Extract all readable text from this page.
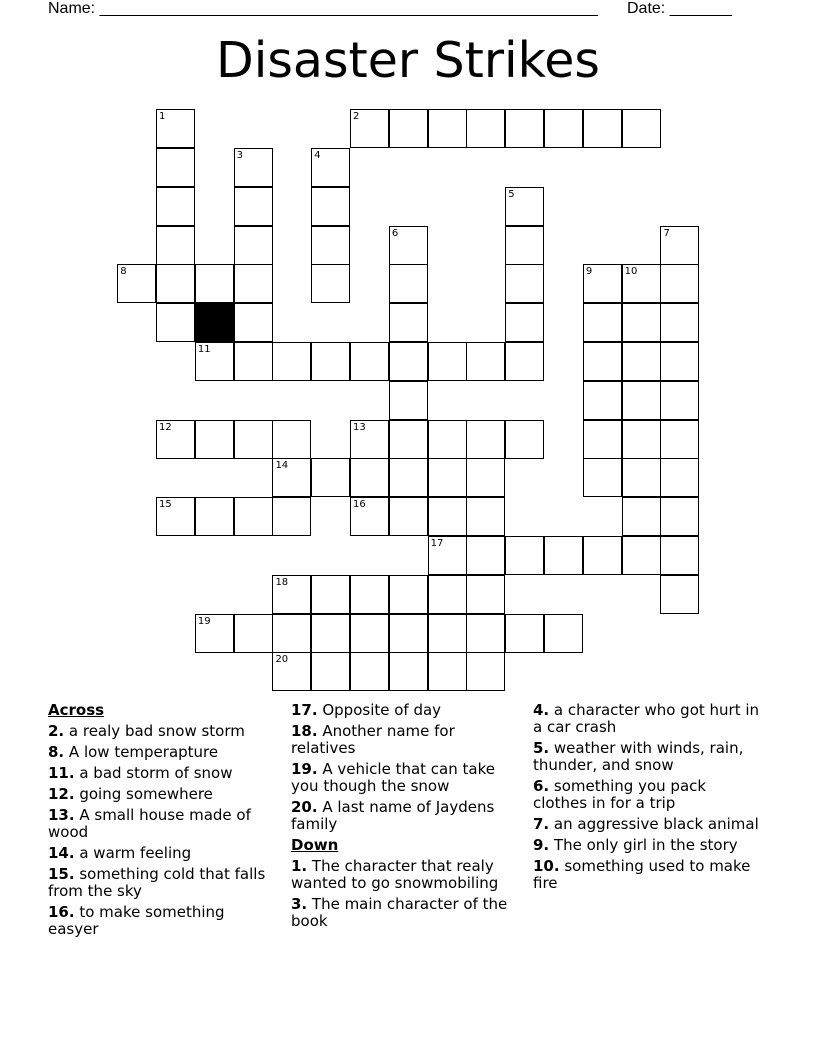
Name: ________________________________________________________ Date: _______
Disaster Strikes
1	2
3	4
5
6	7
8	9	10
11
12	13
14
15	16
17
18
19
20
Across
2. a realy bad snow storm
8. A low temperapture
11. a bad storm of snow
12. going somewhere
13. A small house made of wood
14. a warm feeling
15. something cold that falls from the sky
16. to make something easyer
17. Opposite of day
18. Another name for relatives
19. A vehicle that can take you though the snow
20. A last name of Jaydens family
Down
1. The character that realy wanted to go snowmobiling
3. The main character of the book
4. a character who got hurt in a car crash
5. weather with winds, rain, thunder, and snow
6. something you pack clothes in for a trip
7. an aggressive black animal
9. The only girl in the story
10. something used to make fire
